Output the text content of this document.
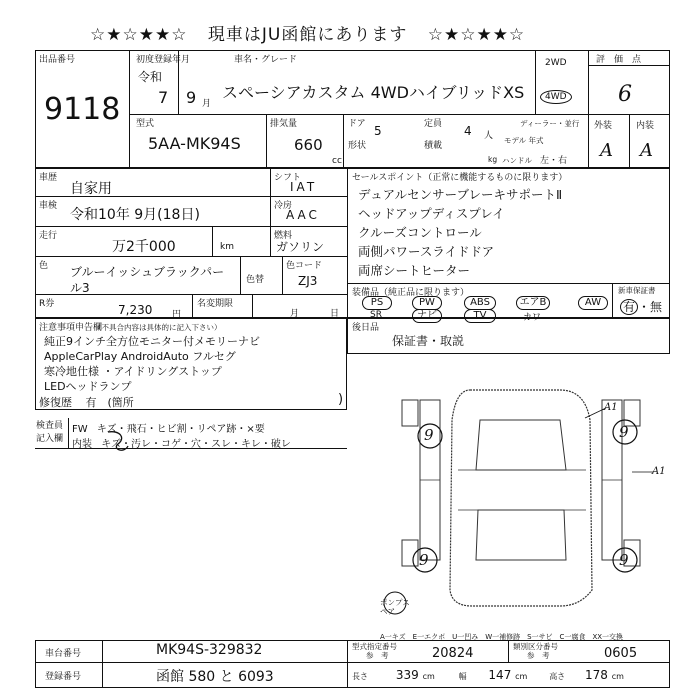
☆★☆★★☆ 現車はJU函館にあります ☆★☆★★☆
出品番号
9118
初度登録年月
令和
7 9 月
車名・グレード
スペーシアカスタム 4WDハイブリッドXS
2WD
4WD
評　価　点
6
外装	内装
A A
型式
5AA-MK94S
排気量
660
cc
ドア 5	定員 4 人
形状	積載
kg
ディーラー・並行
モデル 年式
ハンドル 左・右
車歴
自家用
車検
令和10年 9月(18日)
走行
万2千000	km
シフト
IAT
冷房
AAC
燃料
ガソリン
色 ブルーイッシュブラックパール3
色替
色コード
ZJ3
R券	7,230 円
名変期限
月	日
セールスポイント（正常に機能するものに限ります）
デュアルセンサーブレーキサポートⅡ
ヘッドアップディスプレイ
クルーズコントロール
両側パワースライドドア
両席シートヒーター
装備品（純正品に限ります）	新車保証書
有 ・無
PS	PW	ABS	エアB	AW
SR	ナビ	TV	カワ
注意事項申告欄
（不具合内容は具体的に記入下さい）
純正9インチ全方位モニター付メモリーナビ
AppleCarPlay AndroidAuto フルセグ
寒冷地仕様 ・アイドリングストップ
LEDヘッドランプ
修復歴 有　(箇所	)
後日品
保証書・取説
検査員
記入欄
FW キズ・飛石・ヒビ割・リペア跡・×要
内装 キズ・汚レ・コゲ・穴・スレ・キレ・破レ
9	9
9	9
A1
A1
ポンプスペア
A一キズ　E一エクボ　U一凹み　W一補修跡　S一サビ　C一腐食　XX一交換
車台番号	MK94S-329832
登録番号	函館 580 と 6093
型式指定番号
参　考	20824	類別区分番号
参　考	0605
長さ 339 cm	幅 147 cm	高さ 178 cm
